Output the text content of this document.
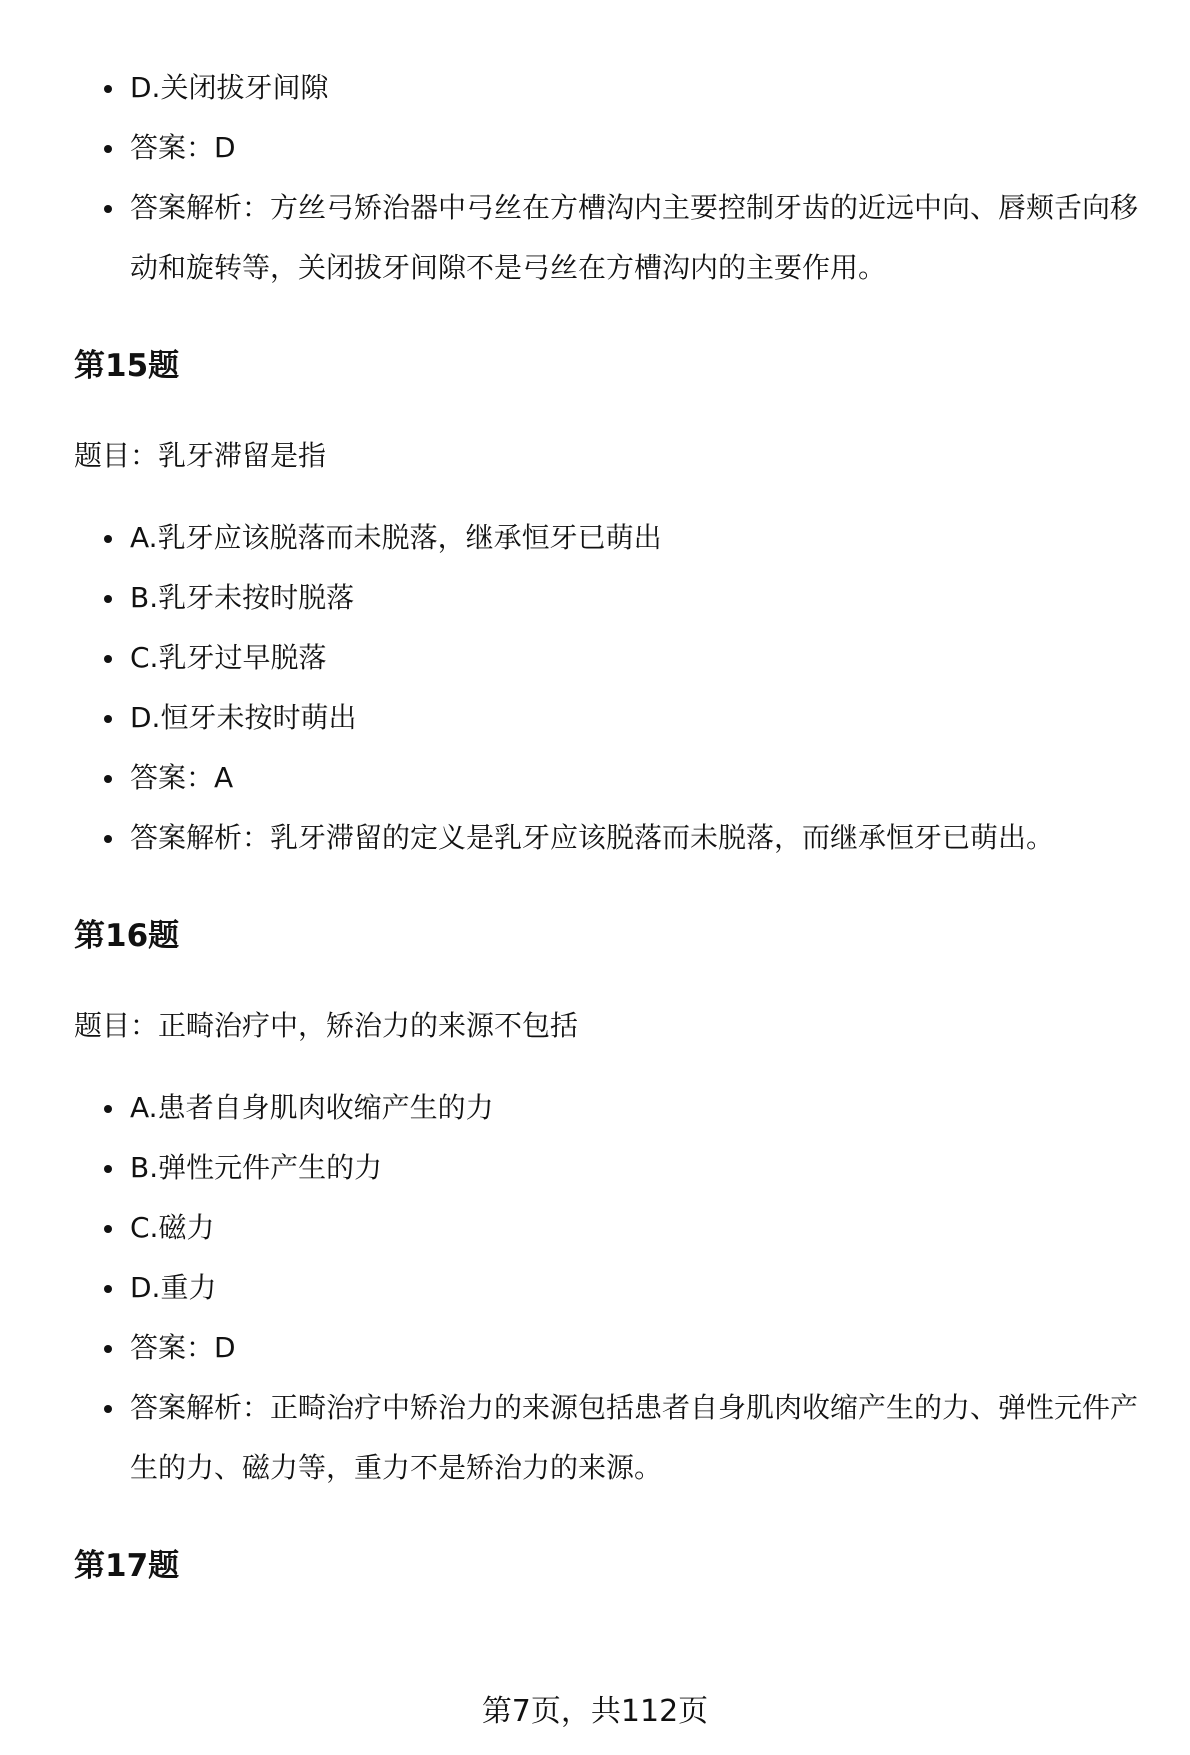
D.关闭拔牙间隙
答案：D
答案解析：方丝弓矫治器中弓丝在方槽沟内主要控制牙齿的近远中向、唇颊舌向移动和旋转等，关闭拔牙间隙不是弓丝在方槽沟内的主要作用。
第15题

题目：乳牙滞留是指

A.乳牙应该脱落而未脱落，继承恒牙已萌出
B.乳牙未按时脱落
C.乳牙过早脱落
D.恒牙未按时萌出
答案：A
答案解析：乳牙滞留的定义是乳牙应该脱落而未脱落，而继承恒牙已萌出。
第16题

题目：正畸治疗中，矫治力的来源不包括

A.患者自身肌肉收缩产生的力
B.弹性元件产生的力
C.磁力
D.重力
答案：D
答案解析：正畸治疗中矫治力的来源包括患者自身肌肉收缩产生的力、弹性元件产生的力、磁力等，重力不是矫治力的来源。
第17题
第7页，共112页
